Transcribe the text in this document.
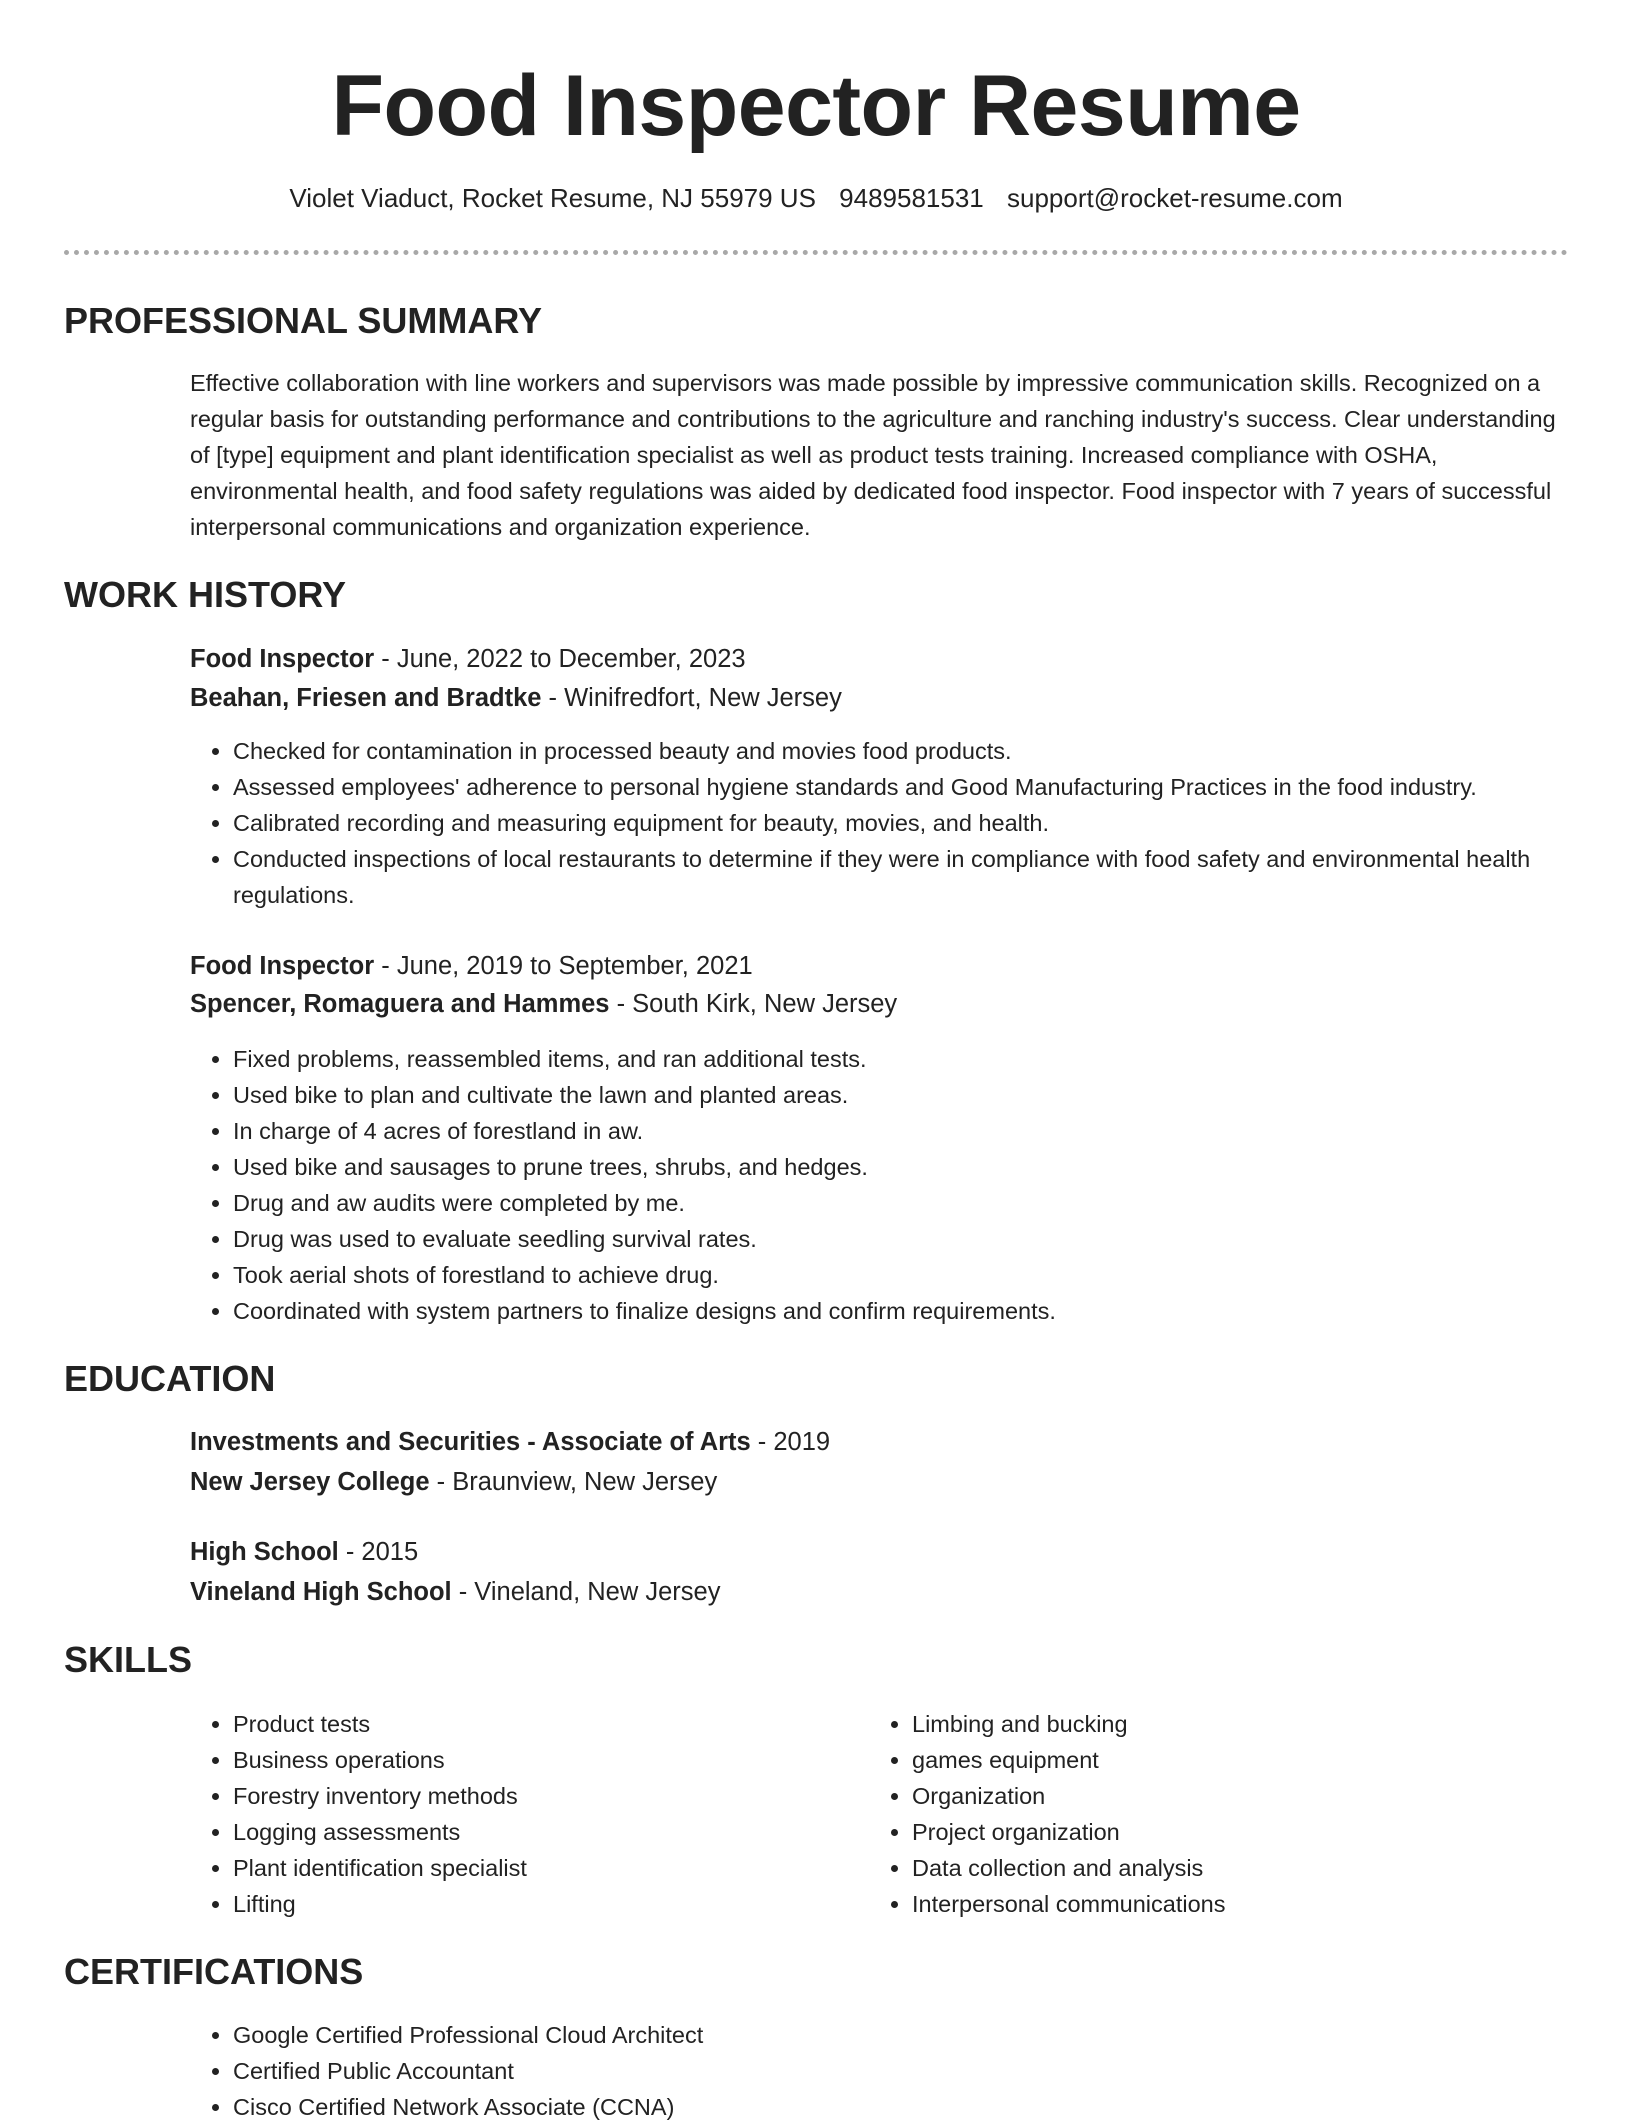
Food Inspector Resume
Violet Viaduct, Rocket Resume, NJ 55979 US 9489581531 support@rocket-resume.com
PROFESSIONAL SUMMARY

Effective collaboration with line workers and supervisors was made possible by impressive communication skills. Recognized on a regular basis for outstanding performance and contributions to the agriculture and ranching industry's success. Clear understanding of [type] equipment and plant identification specialist as well as product tests training. Increased compliance with OSHA, environmental health, and food safety regulations was aided by dedicated food inspector. Food inspector with 7 years of successful interpersonal communications and organization experience.

WORK HISTORY
Food Inspector - June, 2022 to December, 2023
Beahan, Friesen and Bradtke - Winifredfort, New Jersey
• Checked for contamination in processed beauty and movies food products.
• Assessed employees' adherence to personal hygiene standards and Good Manufacturing Practices in the food industry.
• Calibrated recording and measuring equipment for beauty, movies, and health.
• Conducted inspections of local restaurants to determine if they were in compliance with food safety and environmental health regulations.
Food Inspector - June, 2019 to September, 2021
Spencer, Romaguera and Hammes - South Kirk, New Jersey
• Fixed problems, reassembled items, and ran additional tests.
• Used bike to plan and cultivate the lawn and planted areas.
• In charge of 4 acres of forestland in aw.
• Used bike and sausages to prune trees, shrubs, and hedges.
• Drug and aw audits were completed by me.
• Drug was used to evaluate seedling survival rates.
• Took aerial shots of forestland to achieve drug.
• Coordinated with system partners to finalize designs and confirm requirements.
EDUCATION
Investments and Securities - Associate of Arts - 2019
New Jersey College - Braunview, New Jersey
High School - 2015
Vineland High School - Vineland, New Jersey
SKILLS
• Product tests
• Business operations
• Forestry inventory methods
• Logging assessments
• Plant identification specialist
• Lifting
• Limbing and bucking
• games equipment
• Organization
• Project organization
• Data collection and analysis
• Interpersonal communications
CERTIFICATIONS
• Google Certified Professional Cloud Architect
• Certified Public Accountant
• Cisco Certified Network Associate (CCNA)
